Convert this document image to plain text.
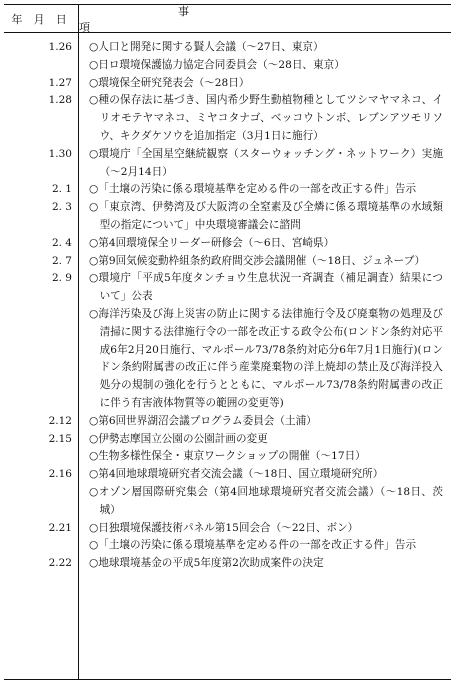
年 月 日
事 項
1.26 ○人口と開発に関する賢人会議（〜27日、東京）
○日ロ環境保護協力協定合同委員会（〜28日、東京）
1.27 ○環境保全研究発表会（〜28日）
1.28 ○種の保存法に基づき、国内希少野生動植物種としてツシマヤマネコ、イリオモテヤマネコ、ミヤコタナゴ、ベッコウトンボ、レブンアツモリソウ、キクダケソウを追加指定（3月1日に施行）
1.30 ○環境庁「全国星空継続観察（スターウォッチング・ネットワーク）実施（〜2月14日）
2. 1 ○「土壌の汚染に係る環境基準を定める件の一部を改正する件」告示
2. 3 ○「東京湾、伊勢湾及び大阪湾の全窒素及び全燐に係る環境基準の水域類型の指定について」中央環境審議会に諮問
2. 4 ○第4回環境保全リーダー研修会（〜6日、宮崎県）
2. 7 ○第9回気候変動枠組条約政府間交渉会議開催（〜18日、ジュネーブ）
2. 9 ○環境庁「平成5年度タンチョウ生息状況一斉調査（補足調査）結果について」公表
○海洋汚染及び海上災害の防止に関する法律施行令及び廃棄物の処理及び清掃に関する法律施行令の一部を改正する政令公布(ロンドン条約対応平成6年2月20日施行、マルポール73/78条約対応分6年7月1日施行)(ロンドン条約附属書の改正に伴う産業廃棄物の洋上焼却の禁止及び海洋投入処分の規制の強化を行うとともに、マルポール73/78条約附属書の改正に伴う有害液体物質等の範囲の変更等)
2.12 ○第6回世界湖沼会議プログラム委員会（土浦）
2.15 ○伊勢志摩国立公園の公園計画の変更
○生物多様性保全・東京ワークショップの開催（〜17日）
2.16 ○第4回地球環境研究者交流会議（〜18日、国立環境研究所）
○オゾン層国際研究集会（第4回地球環境研究者交流会議）（〜18日、茨城）
2.21 ○日独環境保護技術パネル第15回会合（〜22日、ボン）
○「土壌の汚染に係る環境基準を定める件の一部を改正する件」告示
2.22 ○地球環境基金の平成5年度第2次助成案件の決定
